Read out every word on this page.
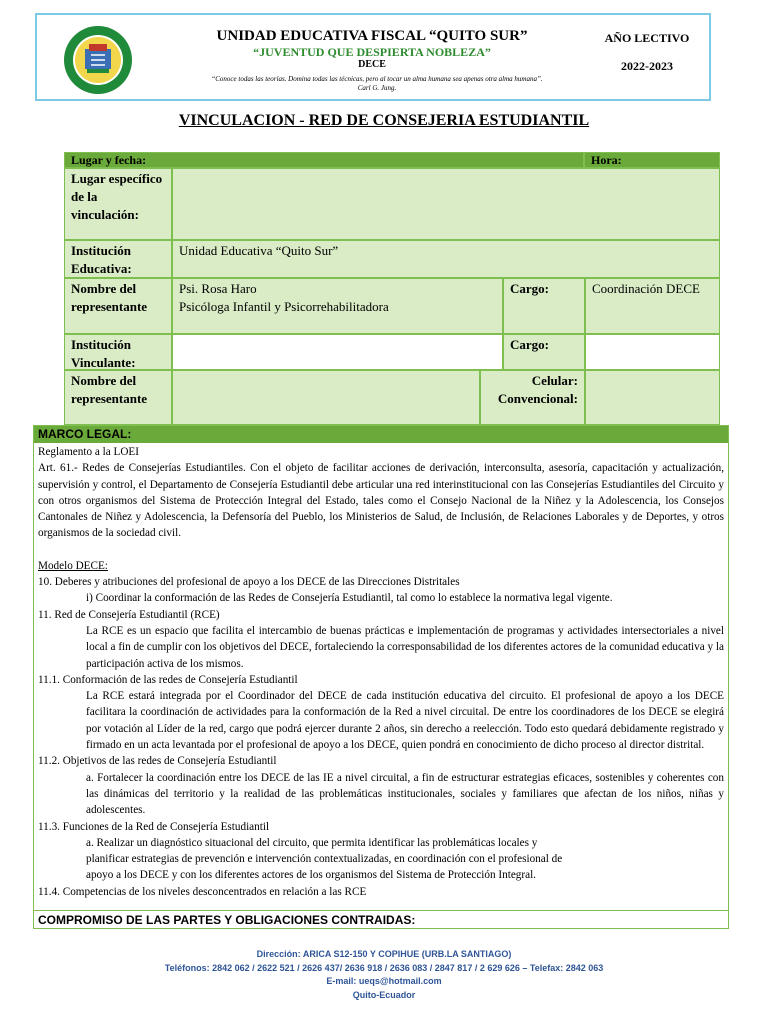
UNIDAD EDUCATIVA FISCAL “QUITO SUR”
“JUVENTUD QUE DESPIERTA NOBLEZA”
DECE
“Conoce todas las teorías. Domina todas las técnicas, pero al tocar un alma humana sea apenas otra alma humana”.
Carl G. Jung.
AÑO LECTIVO
2022-2023
VINCULACION - RED DE CONSEJERIA ESTUDIANTIL
Lugar y fecha:	Hora:
Lugar específico de la vinculación:
Institución Educativa:
Unidad Educativa “Quito Sur”
Nombre del representante
Psi. Rosa Haro
Psicóloga Infantil y Psicorrehabilitadora
Cargo:	Coordinación DECE
Institución Vinculante:
Cargo:
Nombre del representante
Celular: Convencional:
MARCO LEGAL:

Reglamento a la LOEI

Art. 61.- Redes de Consejerías Estudiantiles. Con el objeto de facilitar acciones de derivación, interconsulta, asesoría, capacitación y actualización, supervisión y control, el Departamento de Consejería Estudiantil debe articular una red interinstitucional con las Consejerías Estudiantiles del Circuito y con otros organismos del Sistema de Protección Integral del Estado, tales como el Consejo Nacional de la Niñez y la Adolescencia, los Consejos Cantonales de Niñez y Adolescencia, la Defensoría del Pueblo, los Ministerios de Salud, de Inclusión, de Relaciones Laborales y de Deportes, y otros organismos de la sociedad civil.

Modelo DECE:

10. Deberes y atribuciones del profesional de apoyo a los DECE de las Direcciones Distritales

i) Coordinar la conformación de las Redes de Consejería Estudiantil, tal como lo establece la normativa legal vigente.

11. Red de Consejería Estudiantil (RCE)

La RCE es un espacio que facilita el intercambio de buenas prácticas e implementación de programas y actividades intersectoriales a nivel local a fin de cumplir con los objetivos del DECE, fortaleciendo la corresponsabilidad de los diferentes actores de la comunidad educativa y la participación activa de los mismos.

11.1. Conformación de las redes de Consejería Estudiantil

La RCE estará integrada por el Coordinador del DECE de cada institución educativa del circuito. El profesional de apoyo a los DECE facilitara la coordinación de actividades para la conformación de la Red a nivel circuital. De entre los coordinadores de los DECE se elegirá por votación al Líder de la red, cargo que podrá ejercer durante 2 años, sin derecho a reelección. Todo esto quedará debidamente registrado y firmado en un acta levantada por el profesional de apoyo a los DECE, quien pondrá en conocimiento de dicho proceso al director distrital.

11.2. Objetivos de las redes de Consejería Estudiantil

a. Fortalecer la coordinación entre los DECE de las IE a nivel circuital, a fin de estructurar estrategias eficaces, sostenibles y coherentes con las dinámicas del territorio y la realidad de las problemáticas institucionales, sociales y familiares que afectan de los niños, niñas y adolescentes.

11.3. Funciones de la Red de Consejería Estudiantil

a. Realizar un diagnóstico situacional del circuito, que permita identificar las problemáticas locales y

planificar estrategias de prevención e intervención contextualizadas, en coordinación con el profesional de

apoyo a los DECE y con los diferentes actores de los organismos del Sistema de Protección Integral.

11.4. Competencias de los niveles desconcentrados en relación a las RCE

COMPROMISO DE LAS PARTES Y OBLIGACIONES CONTRAIDAS:
Dirección: ARICA S12-150 Y COPIHUE (URB.LA SANTIAGO)
Teléfonos: 2842 062 / 2622 521 / 2626 437/ 2636 918 / 2636 083 / 2847 817 / 2 629 626 – Telefax: 2842 063
E-mail: ueqs@hotmail.com
Quito-Ecuador
